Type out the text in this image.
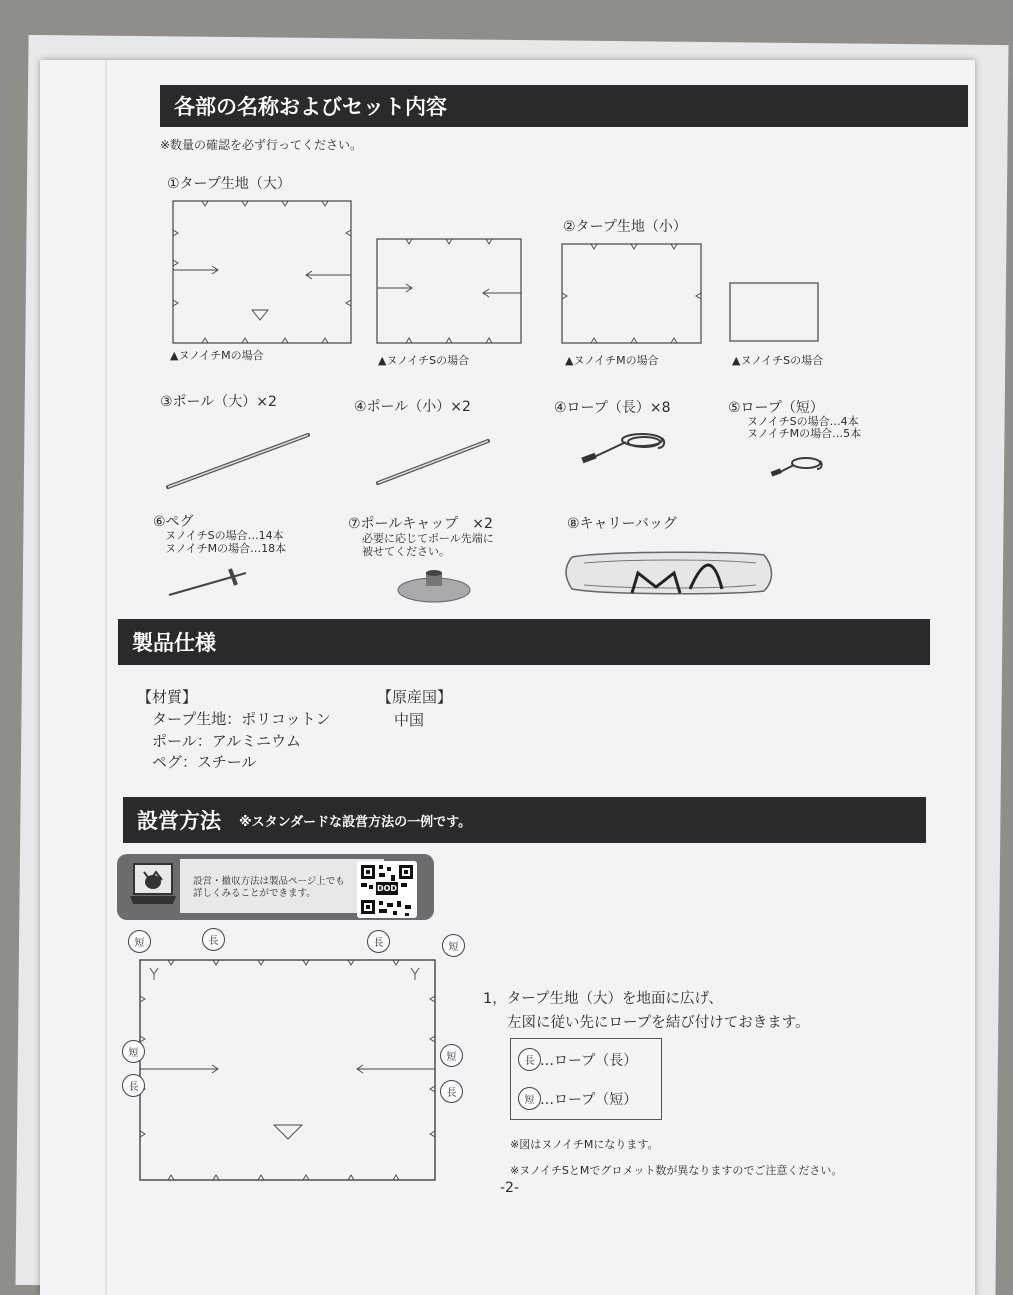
各部の名称およびセット内容
※数量の確認を必ず行ってください。
①タープ生地（大）
②タープ生地（小）
▲ヌノイチMの場合	▲ヌノイチSの場合	▲ヌノイチMの場合	▲ヌノイチSの場合
③ポール（大）×2	④ポール（小）×2	④ロープ（長）×8	⑤ロープ（短）
ヌノイチSの場合…4本
ヌノイチMの場合…5本
⑥ペグ
ヌノイチSの場合…14本
ヌノイチMの場合…18本
⑦ポールキャップ　×2
必要に応じてポール先端に
被せてください。
⑧キャリーバッグ
製品仕様
【材質】
タープ生地：ポリコットン
ポール：アルミニウム
ペグ：スチール
【原産国】
中国
設営方法 ※スタンダードな設営方法の一例です。
設営・撤収方法は製品ページ上でも
詳しくみることができます。	DOD
短	長	長	短
短
長
短
長
1，タープ生地（大）を地面に広げ、
左図に従い先にロープを結び付けておきます。
長 …ロープ（長）
短 …ロープ（短）
※図はヌノイチMになります。
※ヌノイチSとMでグロメット数が異なりますのでご注意ください。
-2-
